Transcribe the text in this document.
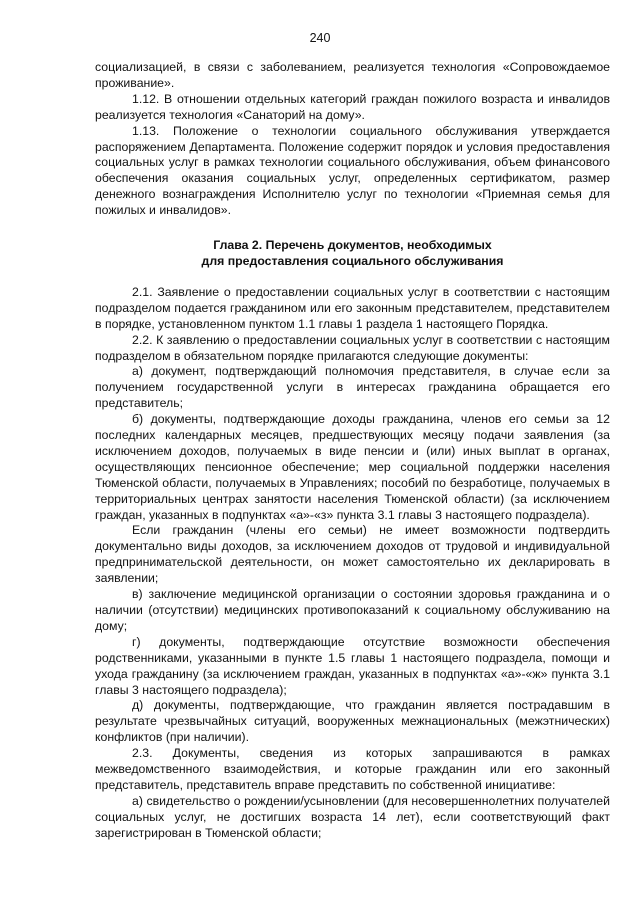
240

социализацией, в связи с заболеванием, реализуется технология «Сопровождаемое проживание».

1.12. В отношении отдельных категорий граждан пожилого возраста и инвалидов реализуется технология «Санаторий на дому».

1.13. Положение о технологии социального обслуживания утверждается распоряжением Департамента. Положение содержит порядок и условия предоставления социальных услуг в рамках технологии социального обслуживания, объем финансового обеспечения оказания социальных услуг, определенных сертификатом, размер денежного вознаграждения Исполнителю услуг по технологии «Приемная семья для пожилых и инвалидов».

Глава 2. Перечень документов, необходимых
для предоставления социального обслуживания

2.1. Заявление о предоставлении социальных услуг в соответствии с настоящим подразделом подается гражданином или его законным представителем, представителем в порядке, установленном пунктом 1.1 главы 1 раздела 1 настоящего Порядка.

2.2. К заявлению о предоставлении социальных услуг в соответствии с настоящим подразделом в обязательном порядке прилагаются следующие документы:

а) документ, подтверждающий полномочия представителя, в случае если за получением государственной услуги в интересах гражданина обращается его представитель;

б) документы, подтверждающие доходы гражданина, членов его семьи за 12 последних календарных месяцев, предшествующих месяцу подачи заявления (за исключением доходов, получаемых в виде пенсии и (или) иных выплат в органах, осуществляющих пенсионное обеспечение; мер социальной поддержки населения Тюменской области, получаемых в Управлениях; пособий по безработице, получаемых в территориальных центрах занятости населения Тюменской области) (за исключением граждан, указанных в подпунктах «а»-«з» пункта 3.1 главы 3 настоящего подраздела).

Если гражданин (члены его семьи) не имеет возможности подтвердить документально виды доходов, за исключением доходов от трудовой и индивидуальной предпринимательской деятельности, он может самостоятельно их декларировать в заявлении;

в) заключение медицинской организации о состоянии здоровья гражданина и о наличии (отсутствии) медицинских противопоказаний к социальному обслуживанию на дому;

г) документы, подтверждающие отсутствие возможности обеспечения родственниками, указанными в пункте 1.5 главы 1 настоящего подраздела, помощи и ухода гражданину (за исключением граждан, указанных в подпунктах «а»-«ж» пункта 3.1 главы 3 настоящего подраздела);

д) документы, подтверждающие, что гражданин является пострадавшим в результате чрезвычайных ситуаций, вооруженных межнациональных (межэтнических) конфликтов (при наличии).

2.3. Документы, сведения из которых запрашиваются в рамках межведомственного взаимодействия, и которые гражданин или его законный представитель, представитель вправе представить по собственной инициативе:

а) свидетельство о рождении/усыновлении (для несовершеннолетних получателей социальных услуг, не достигших возраста 14 лет), если соответствующий факт зарегистрирован в Тюменской области;
